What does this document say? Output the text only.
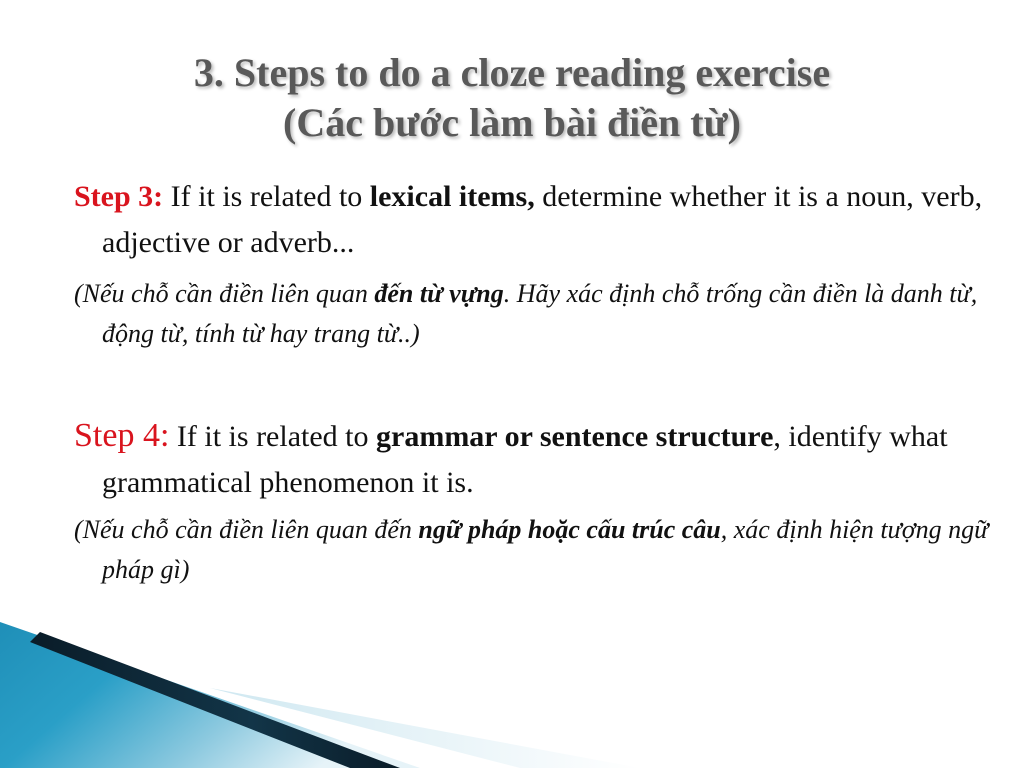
3. Steps to do a cloze reading exercise
(Các bước làm bài điền từ)
Step 3: If it is related to lexical items, determine whether it is a noun, verb, adjective or adverb...
(Nếu chỗ cần điền liên quan đến từ vựng. Hãy xác định chỗ trống cần điền là danh từ, động từ, tính từ hay trang từ..)
Step 4: If it is related to grammar or sentence structure, identify what grammatical phenomenon it is.
(Nếu chỗ cần điền liên quan đến ngữ pháp hoặc cấu trúc câu, xác định hiện tượng ngữ pháp gì)
